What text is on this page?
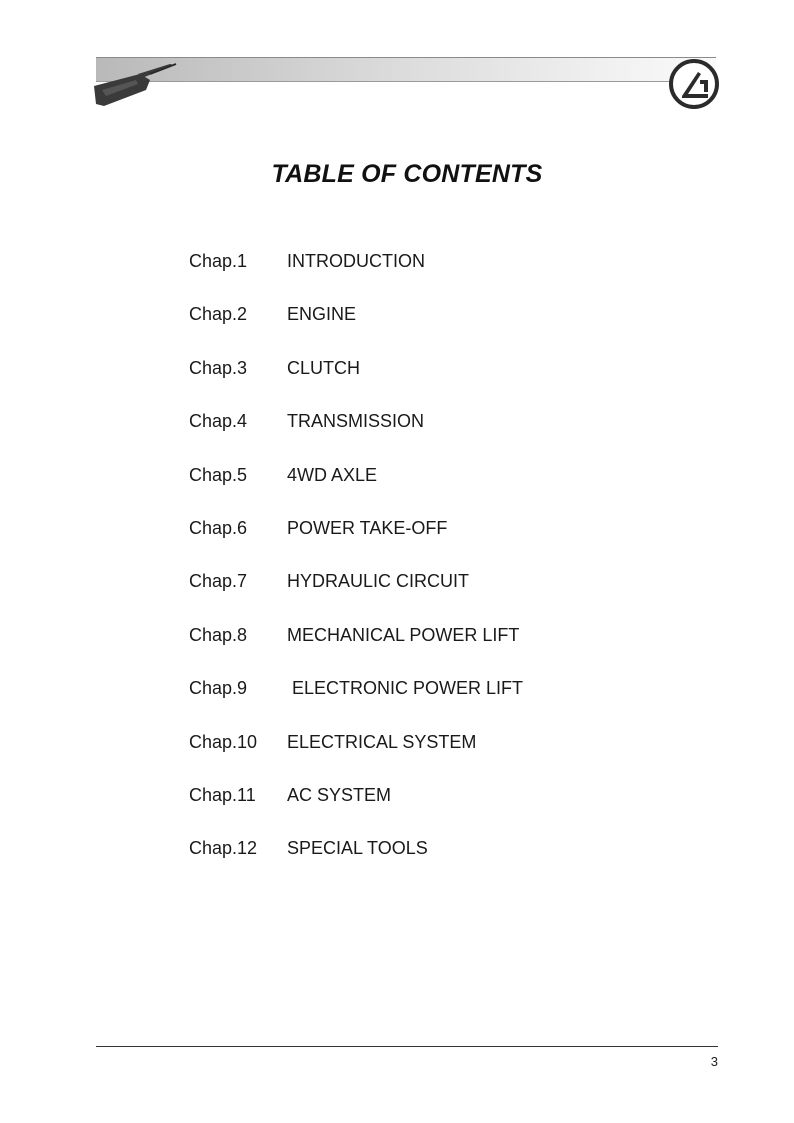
TABLE OF CONTENTS
Chap.1	INTRODUCTION
Chap.2	ENGINE
Chap.3	CLUTCH
Chap.4	TRANSMISSION
Chap.5	4WD AXLE
Chap.6	POWER TAKE-OFF
Chap.7	HYDRAULIC CIRCUIT
Chap.8	MECHANICAL POWER LIFT
Chap.9	ELECTRONIC POWER LIFT
Chap.10	ELECTRICAL SYSTEM
Chap.11	AC SYSTEM
Chap.12	SPECIAL TOOLS
3
